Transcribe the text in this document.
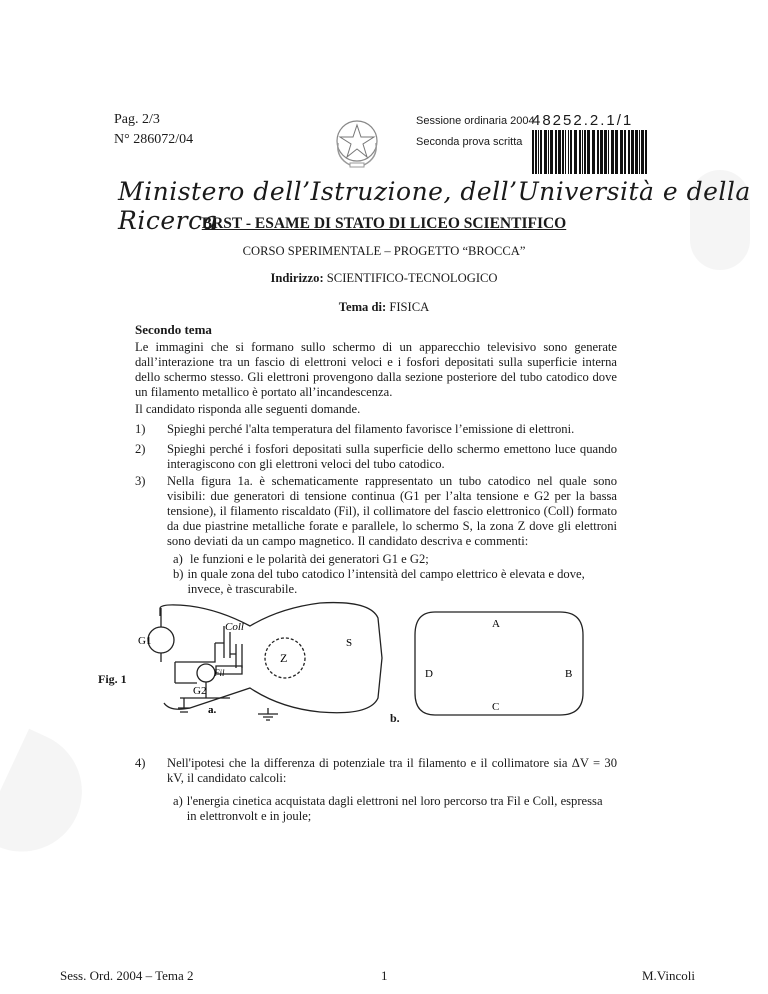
Pag. 2/3
N° 286072/04
Sessione ordinaria 2004
Seconda prova scritta
48252.2.1/1
Ministero dell’Istruzione, dell’Università e della Ricerca
BRST - ESAME DI STATO DI LICEO SCIENTIFICO
CORSO SPERIMENTALE – PROGETTO “BROCCA”
Indirizzo: SCIENTIFICO-TECNOLOGICO
Tema di: FISICA
Secondo tema
Le immagini che si formano sullo schermo di un apparecchio televisivo sono generate dall’interazione tra un fascio di elettroni veloci e i fosfori depositati sulla superficie interna dello schermo stesso. Gli elettroni provengono dalla sezione posteriore del tubo catodico dove un filamento metallico è portato all’incandescenza.
Il candidato risponda alle seguenti domande.
1) Spieghi perché l'alta temperatura del filamento favorisce l’emissione di elettroni.
2) Spieghi perché i fosfori depositati sulla superficie dello schermo emettono luce quando interagiscono con gli elettroni veloci del tubo catodico.
3) Nella figura 1a. è schematicamente rappresentato un tubo catodico nel quale sono visibili: due generatori di tensione continua (G1 per l’alta tensione e G2 per la bassa tensione), il filamento riscaldato (Fil), il collimatore del fascio elettronico (Coll) formato da due piastrine metalliche forate e parallele, lo schermo S, la zona Z dove gli elettroni sono deviati da un campo magnetico. Il candidato descriva e commenti:
a) le funzioni e le polarità dei generatori G1 e G2;
b) in quale zona del tubo catodico l’intensità del campo elettrico è elevata e dove, invece, è trascurabile.
G1
Coll
Fil
Z
S
G2
a.
Fig. 1
A
B
C
D
b.
4) Nell'ipotesi che la differenza di potenziale tra il filamento e il collimatore sia ΔV = 30 kV, il candidato calcoli:
a) l'energia cinetica acquistata dagli elettroni nel loro percorso tra Fil e Coll, espressa in elettronvolt e in joule;
Sess. Ord. 2004 – Tema 2	1	M.Vincoli
